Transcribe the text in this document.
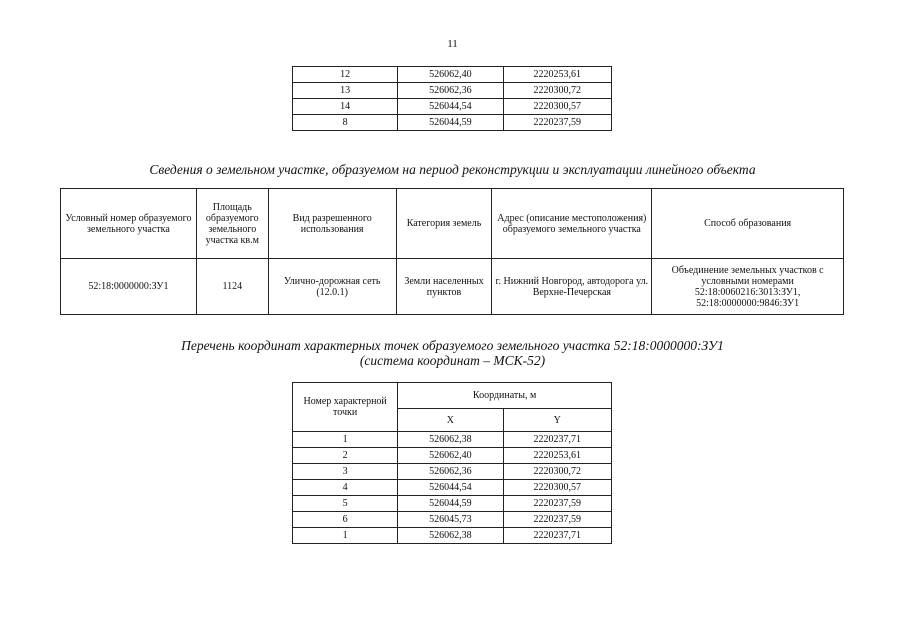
11
12	526062,40	2220253,61
13	526062,36	2220300,72
14	526044,54	2220300,57
8	526044,59	2220237,59
Сведения о земельном участке, образуемом на период реконструкции и эксплуатации линейного объекта
Условный номер образуемого земельного участка	Площадь образуемого земельного участка кв.м	Вид разрешенного использования	Категория земель	Адрес (описание местоположения) образуемого земельного участка	Способ образования
52:18:0000000:ЗУ1	1124	Улично-дорожная сеть (12.0.1)	Земли населенных пунктов	г. Нижний Новгород, автодорога ул. Верхне-Печерская	Объединение земельных участков с условными номерами 52:18:0060216:3013:ЗУ1, 52:18:0000000:9846:ЗУ1
Перечень координат характерных точек образуемого земельного участка 52:18:0000000:ЗУ1
(система координат – МСК-52)
Номер характерной точки	Координаты, м	
	X	Y
1	526062,38	2220237,71
2	526062,40	2220253,61
3	526062,36	2220300,72
4	526044,54	2220300,57
5	526044,59	2220237,59
6	526045,73	2220237,59
1	526062,38	2220237,71
